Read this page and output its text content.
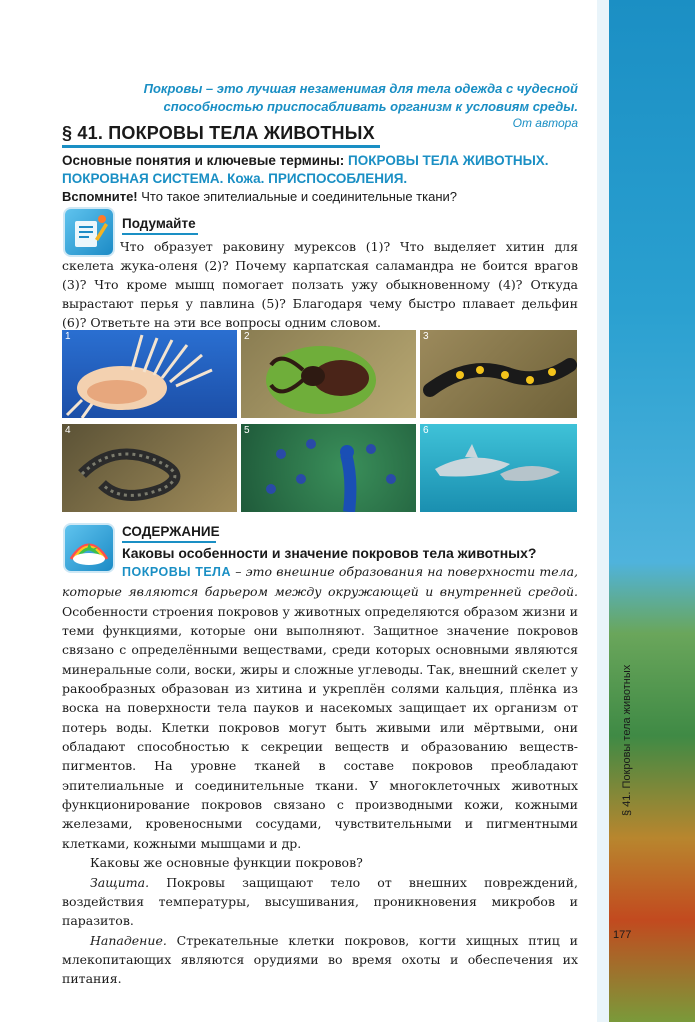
§ 41. Покровы тела животных
177
Покровы – это лучшая незаменимая для тела одежда с чудесной
способностью приспосабливать организм к условиям среды.
От автора
§ 41. ПОКРОВЫ ТЕЛА ЖИВОТНЫХ
Основные понятия и ключевые термины: ПОКРОВЫ ТЕЛА ЖИВОТНЫХ. ПОКРОВНАЯ СИСТЕМА. Кожа. ПРИСПОСОБЛЕНИЯ.
Вспомните! Что такое эпителиальные и соединительные ткани?
Подумайте
Что образует раковину мурексов (1)? Что выделяет хитин для скелета жука-оленя (2)? Почему карпатская саламандра не боится врагов (3)? Что кроме мышц помогает ползать ужу обыкновенному (4)? Откуда вырастают перья у павлина (5)? Благодаря чему быстро плавает дельфин (6)? Ответьте на эти все вопросы одним словом.
1	2	3
4	5	6
СОДЕРЖАНИЕ
Каковы особенности и значение покровов тела животных?

ПОКРОВЫ ТЕЛА – это внешние образования на поверхности тела, которые являются барьером между окружающей и внутренней средой. Особенности строения покровов у животных определяются образом жизни и теми функциями, которые они выполняют. Защитное значение покровов связано с определёнными веществами, среди которых основными являются минеральные соли, воски, жиры и сложные углеводы. Так, внешний скелет у ракообразных образован из хитина и укреплён солями кальция, плёнка из воска на поверхности тела пауков и насекомых защищает их организм от потерь воды. Клетки покровов могут быть живыми или мёртвыми, они обладают способностью к секреции веществ и образованию веществ-пигментов. На уровне тканей в составе покровов преобладают эпителиальные и соединительные ткани. У многоклеточных животных функционирование покровов связано с производными кожи, кожными железами, кровеносными сосудами, чувствительными и пигментными клетками, кожными мышцами и др.

Каковы же основные функции покровов?

Защита. Покровы защищают тело от внешних повреждений, воздействия температуры, высушивания, проникновения микробов и паразитов.

Нападение. Стрекательные клетки покровов, когти хищных птиц и млекопитающих являются орудиями во время охоты и обеспечения их питания.
